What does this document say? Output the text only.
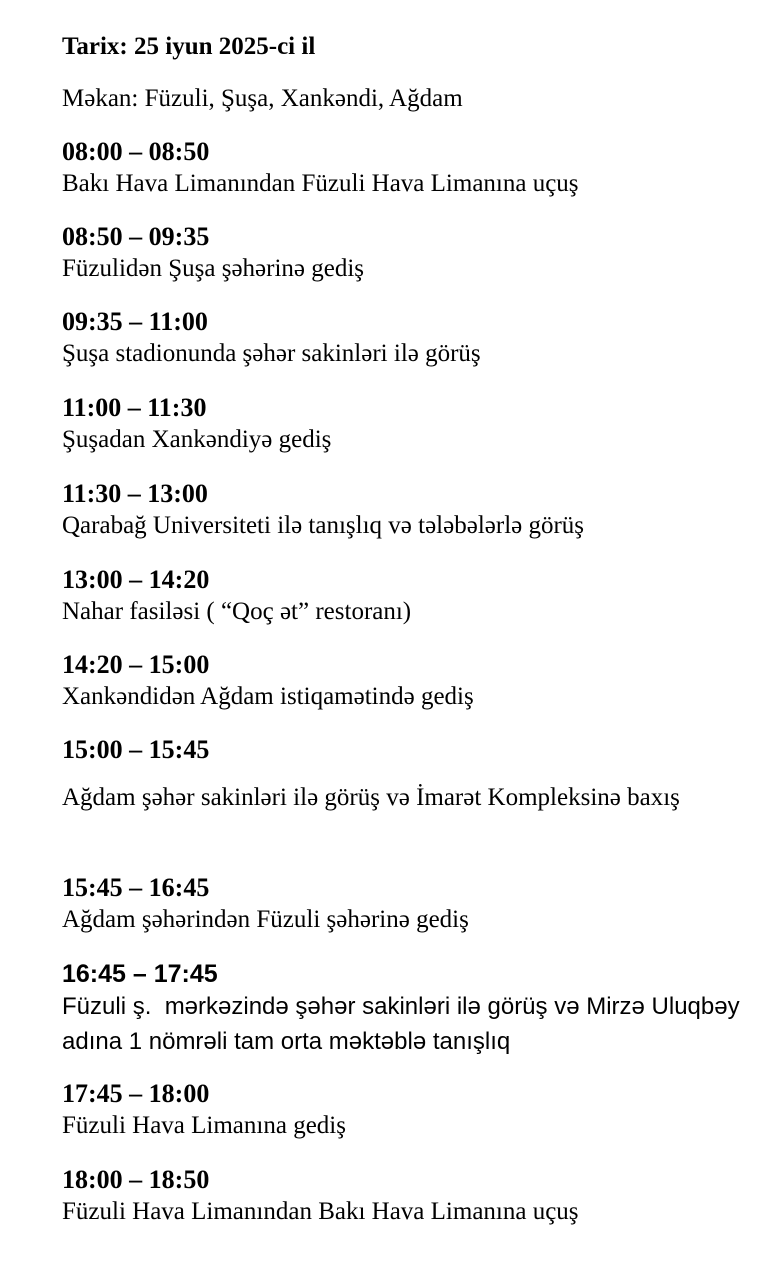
Tarix: 25 iyun 2025-ci il
Məkan: Füzuli, Şuşa, Xankəndi, Ağdam
08:00 – 08:50
Bakı Hava Limanından Füzuli Hava Limanına uçuş
08:50 – 09:35
Füzulidən Şuşa şəhərinə gediş
09:35 – 11:00
Şuşa stadionunda şəhər sakinləri ilə görüş
11:00 – 11:30
Şuşadan Xankəndiyə gediş
11:30 – 13:00
Qarabağ Universiteti ilə tanışlıq və tələbələrlə görüş
13:00 – 14:20
Nahar fasiləsi ( “Qoç ət” restoranı)
14:20 – 15:00
Xankəndidən Ağdam istiqamətində gediş
15:00 – 15:45
Ağdam şəhər sakinləri ilə görüş və İmarət Kompleksinə baxış
15:45 – 16:45
Ağdam şəhərindən Füzuli şəhərinə gediş
16:45 – 17:45
Füzuli ş.  mərkəzində şəhər sakinləri ilə görüş və Mirzə Uluqbəy adına 1 nömrəli tam orta məktəblə tanışlıq
17:45 – 18:00
Füzuli Hava Limanına gediş
18:00 – 18:50
Füzuli Hava Limanından Bakı Hava Limanına uçuş
